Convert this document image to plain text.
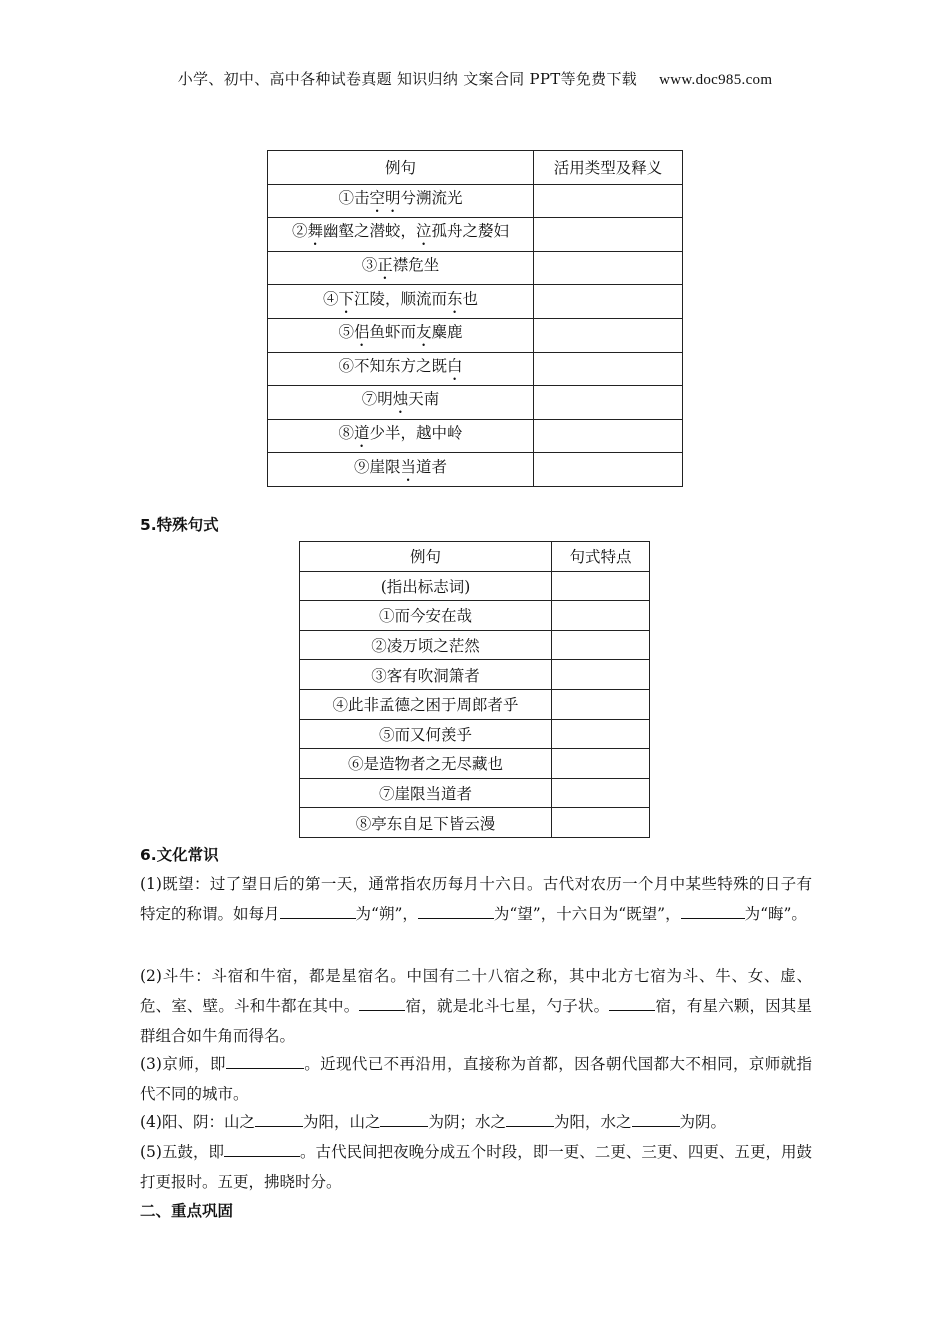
小学、初中、高中各种试卷真题 知识归纳 文案合同 PPT等免费下载 www.doc985.com
例句	活用类型及释义
①击空明兮溯流光	
②舞幽壑之潜蛟，泣孤舟之嫠妇	
③正襟危坐	
④下江陵，顺流而东也	
⑤侣鱼虾而友麋鹿	
⑥不知东方之既白	
⑦明烛天南	
⑧道少半，越中岭	
⑨崖限当道者	
5.特殊句式
例句	句式特点
(指出标志词)	
①而今安在哉	
②凌万顷之茫然	
③客有吹洞箫者	
④此非孟德之困于周郎者乎	
⑤而又何羡乎	
⑥是造物者之无尽藏也	
⑦崖限当道者	
⑧亭东自足下皆云漫	
6.文化常识
(1)既望：过了望日后的第一天，通常指农历每月十六日。古代对农历一个月中某些特殊的日子有特定的称谓。如每月	为“朔”，	为“望”，十六日为“既望”，	为“晦”。
(2)斗牛：斗宿和牛宿，都是星宿名。中国有二十八宿之称，其中北方七宿为斗、牛、女、虚、危、室、壁。斗和牛都在其中。	宿，就是北斗七星，勺子状。	宿，有星六颗，因其星群组合如牛角而得名。
(3)京师，即	。近现代已不再沿用，直接称为首都，因各朝代国都大不相同，京师就指代不同的城市。
(4)阳、阴：山之	为阳，山之	为阴；水之	为阳，水之	为阴。
(5)五鼓，即	。古代民间把夜晚分成五个时段，即一更、二更、三更、四更、五更，用鼓打更报时。五更，拂晓时分。
二、重点巩固
